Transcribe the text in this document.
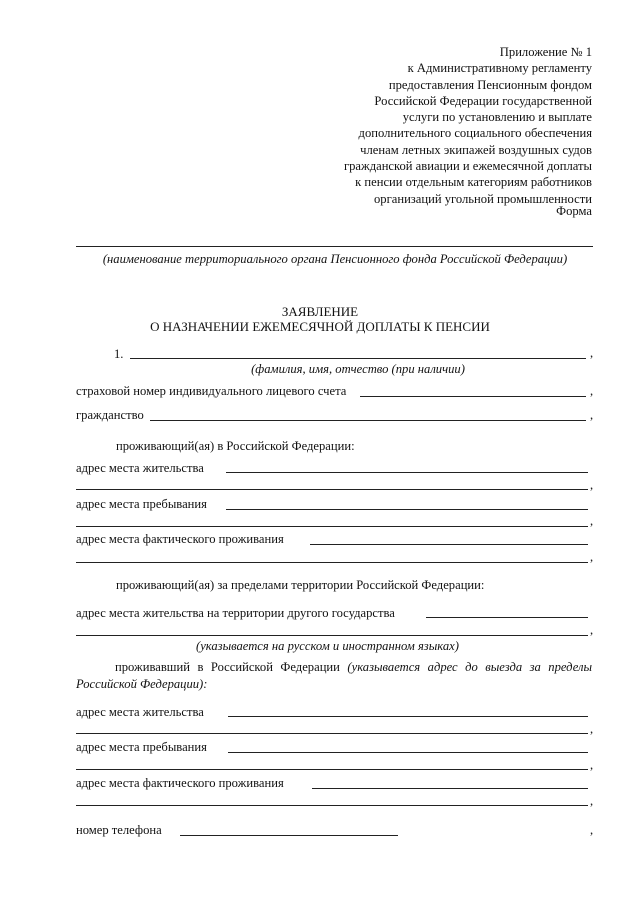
Приложение № 1
к Административному регламенту
предоставления Пенсионным фондом
Российской Федерации государственной
услуги по установлению и выплате
дополнительного социального обеспечения
членам летных экипажей воздушных судов
гражданской авиации и ежемесячной доплаты
к пенсии отдельным категориям работников
организаций угольной промышленности
Форма
(наименование территориального органа Пенсионного фонда Российской Федерации)
ЗАЯВЛЕНИЕ
О НАЗНАЧЕНИИ ЕЖЕМЕСЯЧНОЙ ДОПЛАТЫ К ПЕНСИИ
1.	,
(фамилия, имя, отчество (при наличии)
страховой номер индивидуального лицевого счета	,
гражданство	,
проживающий(ая) в Российской Федерации:
адрес места жительства
,
адрес места пребывания
,
адрес места фактического проживания
,
проживающий(ая) за пределами территории Российской Федерации:
адрес места жительства на территории другого государства
,
(указывается на русском и иностранном языках)
проживавший в Российской Федерации (указывается адрес до выезда за пределы Российской Федерации):
адрес места жительства
,
адрес места пребывания
,
адрес места фактического проживания
,
номер телефона	,
